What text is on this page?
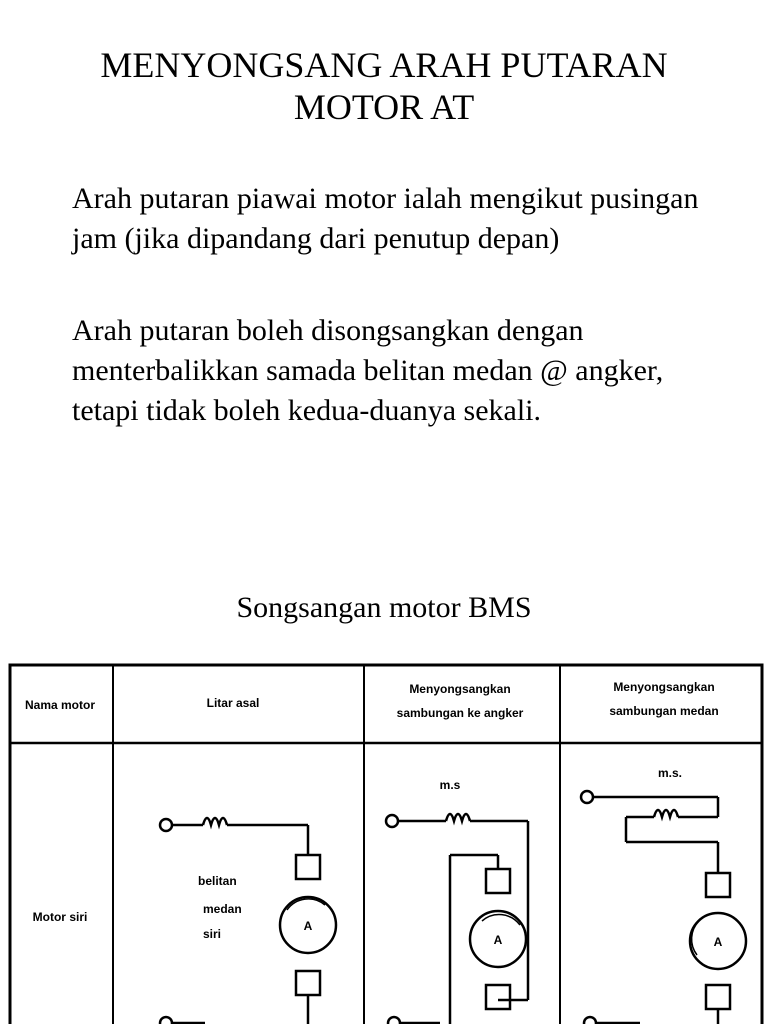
MENYONGSANG ARAH PUTARAN
MOTOR AT

Arah putaran piawai motor ialah mengikut pusingan jam (jika dipandang dari penutup depan)

Arah putaran boleh disongsangkan dengan menterbalikkan samada belitan medan @ angker, tetapi tidak boleh kedua-duanya sekali.

Songsangan motor BMS
Nama motor	Litar asal
Menyongsangkan
sambungan ke angker
Menyongsangkan
sambungan medan
Motor siri
belitan
medan
siri
A
m.s
A
m.s.
A
